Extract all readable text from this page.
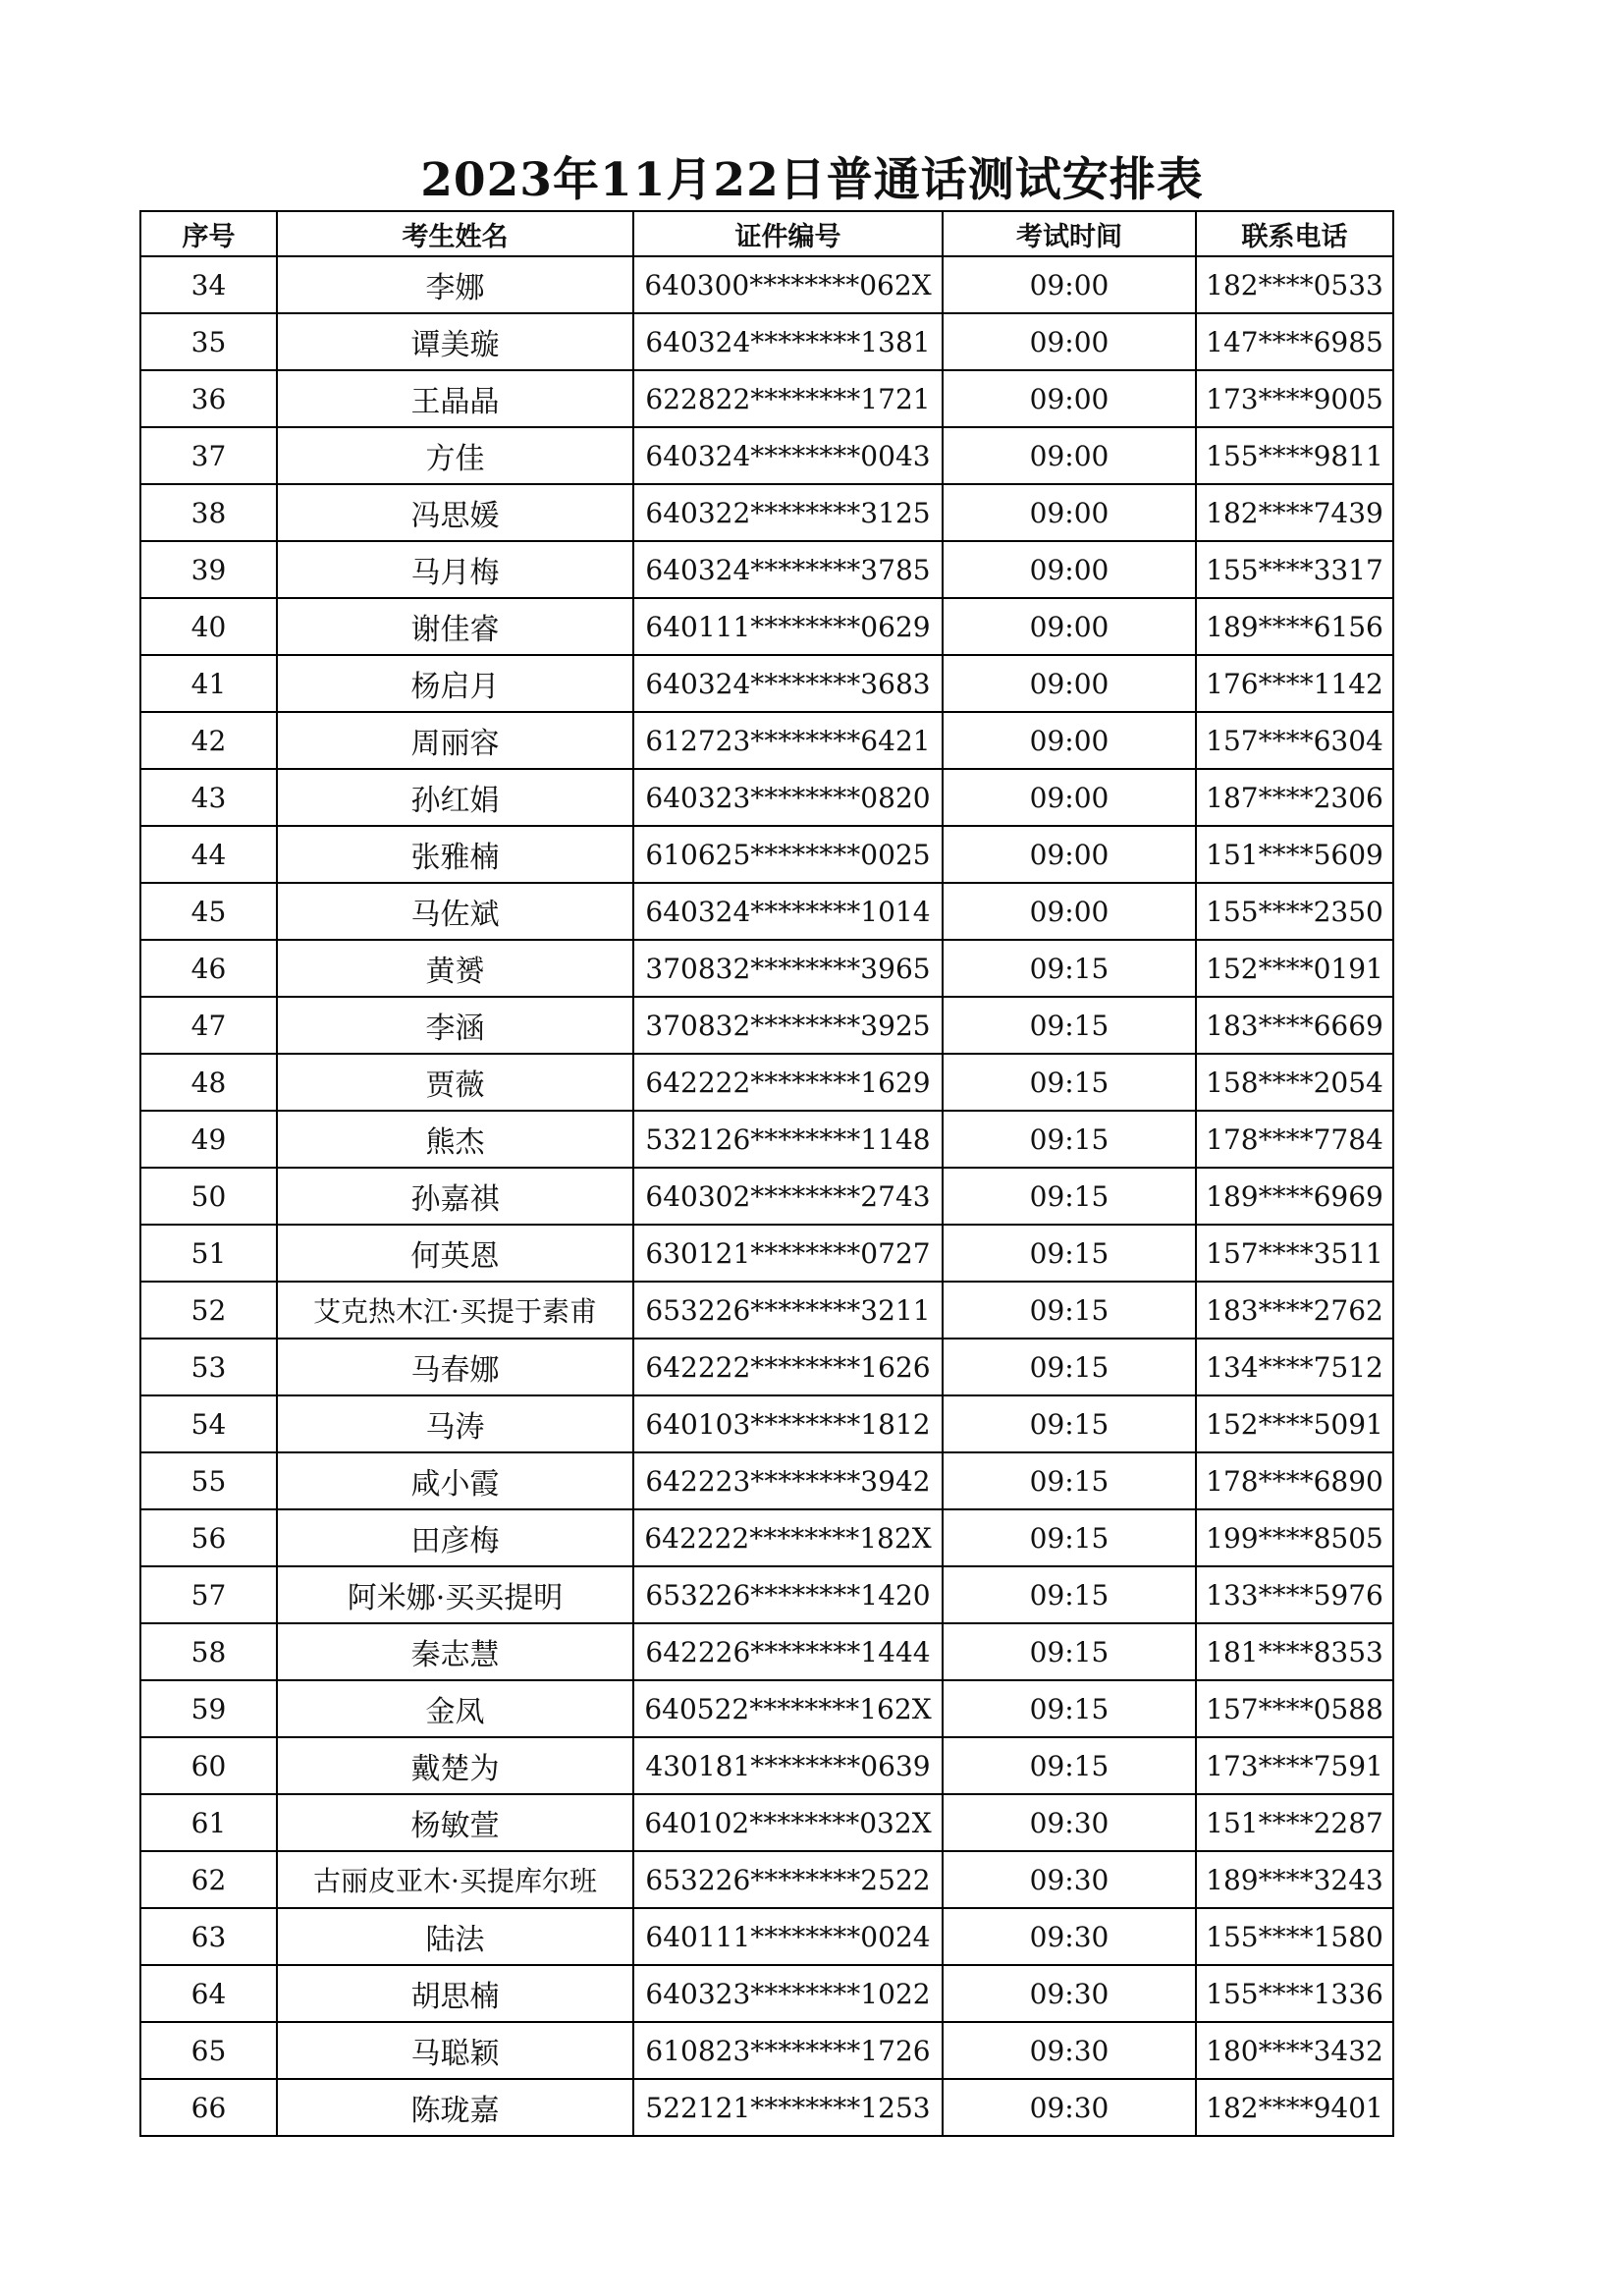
2023年11月22日普通话测试安排表
序号	考生姓名	证件编号	考试时间	联系电话
34	李娜	640300********062X	09:00	182****0533
35	谭美璇	640324********1381	09:00	147****6985
36	王晶晶	622822********1721	09:00	173****9005
37	方佳	640324********0043	09:00	155****9811
38	冯思媛	640322********3125	09:00	182****7439
39	马月梅	640324********3785	09:00	155****3317
40	谢佳睿	640111********0629	09:00	189****6156
41	杨启月	640324********3683	09:00	176****1142
42	周丽容	612723********6421	09:00	157****6304
43	孙红娟	640323********0820	09:00	187****2306
44	张雅楠	610625********0025	09:00	151****5609
45	马佐斌	640324********1014	09:00	155****2350
46	黄赟	370832********3965	09:15	152****0191
47	李涵	370832********3925	09:15	183****6669
48	贾薇	642222********1629	09:15	158****2054
49	熊杰	532126********1148	09:15	178****7784
50	孙嘉祺	640302********2743	09:15	189****6969
51	何英恩	630121********0727	09:15	157****3511
52	艾克热木江·买提于素甫	653226********3211	09:15	183****2762
53	马春娜	642222********1626	09:15	134****7512
54	马涛	640103********1812	09:15	152****5091
55	咸小霞	642223********3942	09:15	178****6890
56	田彦梅	642222********182X	09:15	199****8505
57	阿米娜·买买提明	653226********1420	09:15	133****5976
58	秦志慧	642226********1444	09:15	181****8353
59	金凤	640522********162X	09:15	157****0588
60	戴楚为	430181********0639	09:15	173****7591
61	杨敏萱	640102********032X	09:30	151****2287
62	古丽皮亚木·买提库尔班	653226********2522	09:30	189****3243
63	陆法	640111********0024	09:30	155****1580
64	胡思楠	640323********1022	09:30	155****1336
65	马聪颖	610823********1726	09:30	180****3432
66	陈珑嘉	522121********1253	09:30	182****9401
